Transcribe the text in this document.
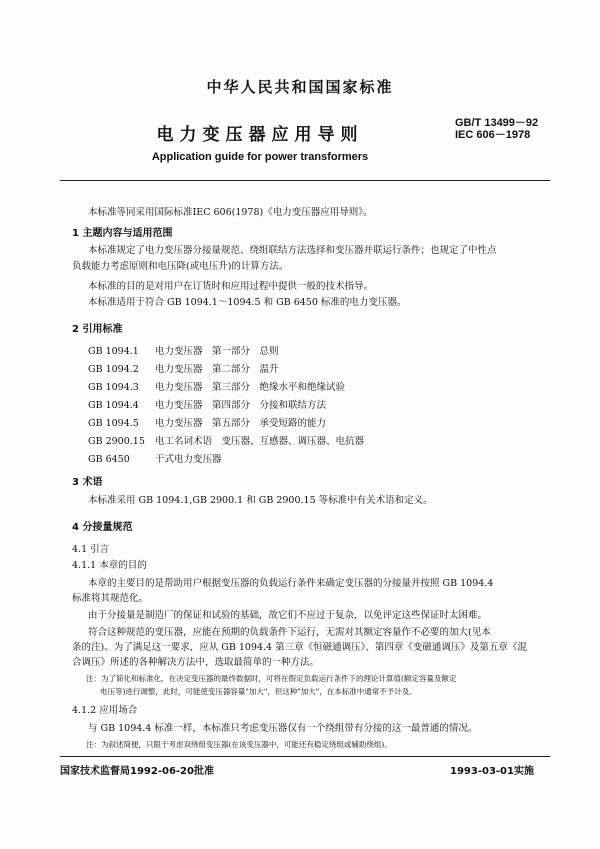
中华人民共和国国家标准
电力变压器应用导则
GB/T 13499－92
IEC 606－1978
Application guide for power transformers
本标准等同采用国际标准IEC 606(1978)《电力变压器应用导则》。
1 主题内容与适用范围
本标准规定了电力变压器分接量规范、绕组联结方法选择和变压器并联运行条件；也规定了中性点
负载能力考虑原则和电压降(或电压升)的计算方法。
本标准的目的是对用户在订货时和应用过程中提供一般的技术指导。
本标准适用于符合 GB 1094.1～1094.5 和 GB 6450 标准的电力变压器。
2 引用标准
GB 1094.1 电力变压器　第一部分　总则
GB 1094.2 电力变压器　第二部分　温升
GB 1094.3 电力变压器　第三部分　绝缘水平和绝缘试验
GB 1094.4 电力变压器　第四部分　分接和联结方法
GB 1094.5 电力变压器　第五部分　承受短路的能力
GB 2900.15 电工名词术语　变压器、互感器、调压器、电抗器
GB 6450	干式电力变压器
3 术语
本标准采用 GB 1094.1,GB 2900.1 和 GB 2900.15 等标准中有关术语和定义。
4 分接量规范
4.1 引言
4.1.1 本章的目的
本章的主要目的是帮助用户根据变压器的负载运行条件来确定变压器的分接量并按照 GB 1094.4
标准将其规范化。
由于分接量是制造厂的保证和试验的基础，故它们不应过于复杂，以免评定这些保证时太困难。
符合这种规范的变压器，应能在预期的负载条件下运行，无需对其额定容量作不必要的加大(见本
条的注)。为了满足这一要求，应从 GB 1094.4 第三章《恒磁通调压》、第四章《变磁通调压》及第五章《混
合调压》所述的各种解决方法中，选取最简单的一种方法。
注：为了简化和标准化，在决定变压器的最终数据时，可将在假定负载运行条件下的理论计算值(额定容量及额定
电压等)进行调整，此时，可能使变压器容量"加大"，但这种"加大"，在本标准中通常不予计及。
4.1.2 应用场合
与 GB 1094.4 标准一样，本标准只考虑变压器仅有一个绕组带有分接的这一最普通的情况。
注：为叙述简便，只限于考虑双绕组变压器(在该变压器中，可能还有稳定绕组或辅助绕组)。
国家技术监督局1992-06-20批准	1993-03-01实施
